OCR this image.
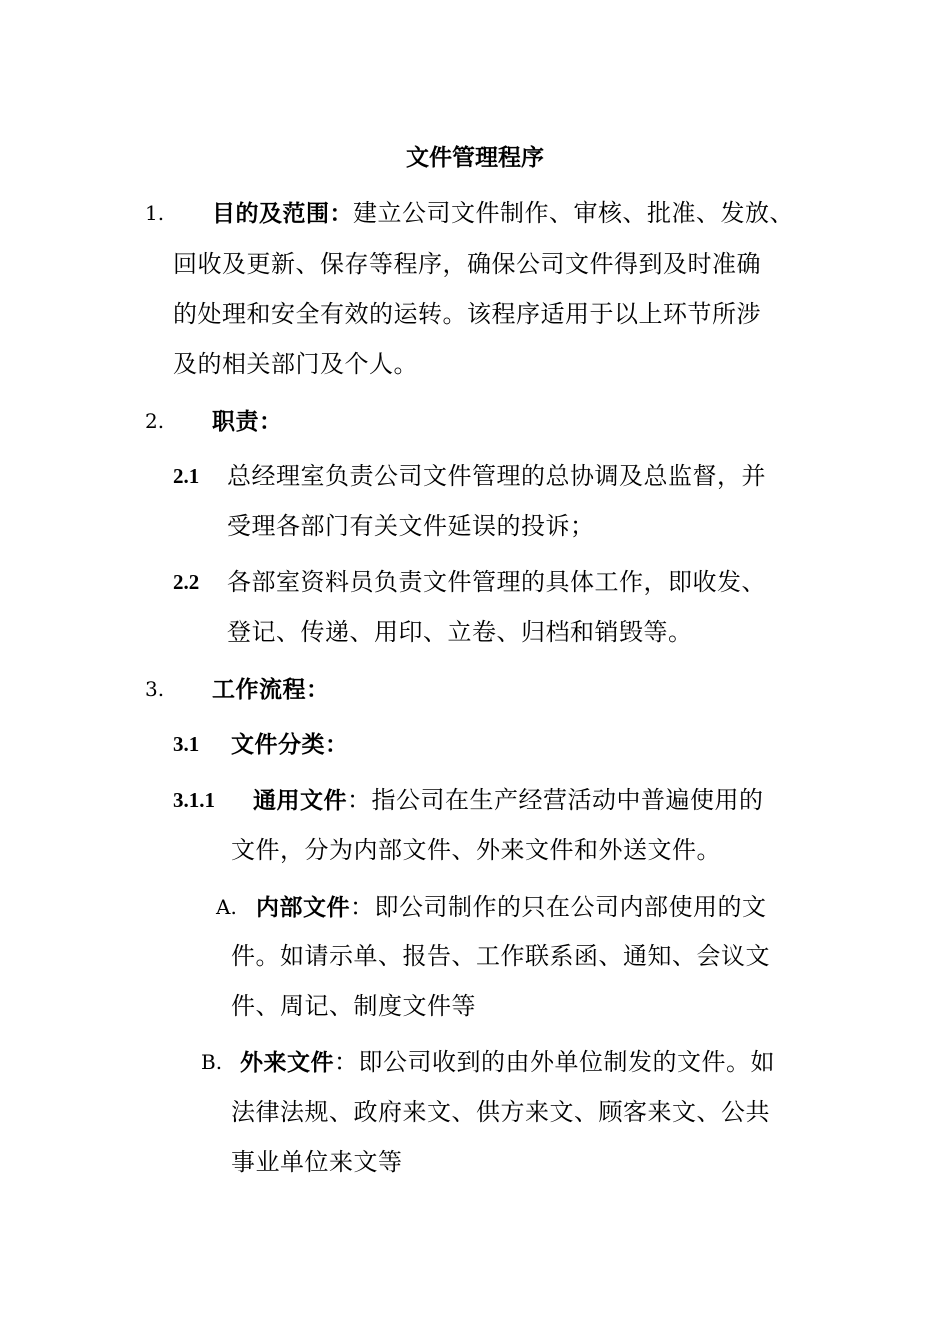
文件管理程序
1. 目的及范围：建立公司文件制作、审核、批准、发放、
回收及更新、保存等程序，确保公司文件得到及时准确
的处理和安全有效的运转。该程序适用于以上环节所涉
及的相关部门及个人。
2. 职责：
2.1 总经理室负责公司文件管理的总协调及总监督，并
受理各部门有关文件延误的投诉；
2.2 各部室资料员负责文件管理的具体工作，即收发、
登记、传递、用印、立卷、归档和销毁等。
3. 工作流程：
3.1 文件分类：
3.1.1 通用文件：指公司在生产经营活动中普遍使用的
文件，分为内部文件、外来文件和外送文件。
A. 内部文件：即公司制作的只在公司内部使用的文
件。如请示单、报告、工作联系函、通知、会议文
件、周记、制度文件等
B. 外来文件：即公司收到的由外单位制发的文件。如
法律法规、政府来文、供方来文、顾客来文、公共
事业单位来文等
